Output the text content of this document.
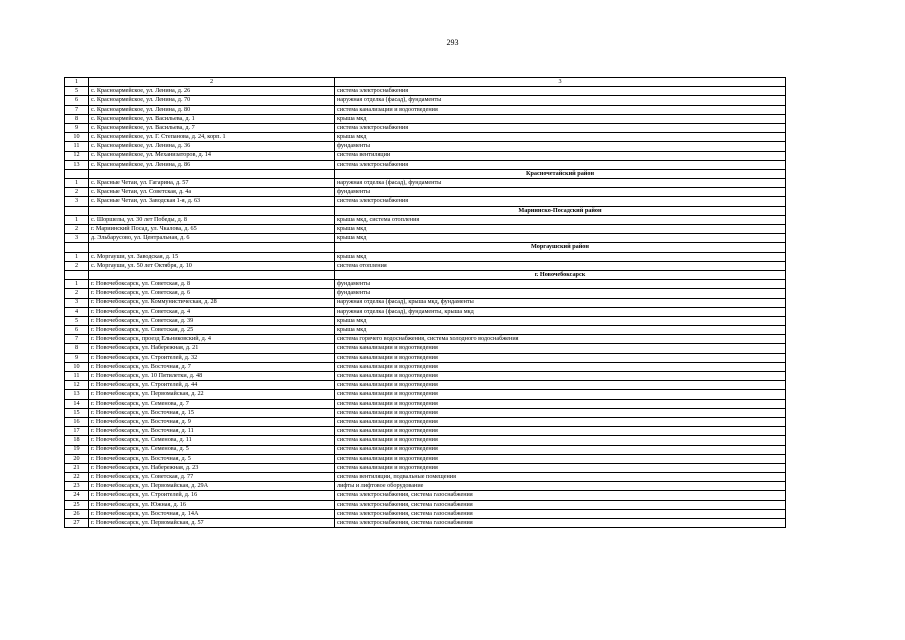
293
1	2	3
5	с. Красноармейское, ул. Ленина, д. 26	система электроснабжения
6	с. Красноармейское, ул. Ленина, д. 70	наружная отделка (фасад), фундаменты
7	с. Красноармейское, ул. Ленина, д. 80	система канализации и водоотведения
8	с. Красноармейское, ул. Васильева, д. 1	крыша мкд
9	с. Красноармейское, ул. Васильева, д. 7	система электроснабжения
10	с. Красноармейское, ул. Г. Степанова, д. 24, корп. 1	крыша мкд
11	с. Красноармейское, ул. Ленина, д. 36	фундаменты
12	с. Красноармейское, ул. Механизаторов, д. 14	система вентиляции
13	с. Красноармейское, ул. Ленина, д. 86	система электроснабжения
		Красночетайский район
1	с. Красные Четаи, ул. Гагарина, д. 57	наружная отделка (фасад), фундаменты
2	с. Красные Четаи, ул. Советская, д. 4а	фундаменты
3	с. Красные Четаи, ул. Заводская 1-я, д. 63	система электроснабжения
		Мариинско-Посадский район
1	с. Шоршелы, ул. 30 лет Победы, д. 8	крыша мкд, система отопления
2	г. Мариинский Посад, ул. Чкалова, д. 65	крыша мкд
3	д. Эльбарусово, ул. Центральная, д. 6	крыша мкд
		Моргаушский район
1	с. Моргауши, ул. Заводская, д. 15	крыша мкд
2	с. Моргауши, ул. 50 лет Октября, д. 10	система отопления
		г. Новочебоксарск
1	г. Новочебоксарск, ул. Советская, д. 8	фундаменты
2	г. Новочебоксарск, ул. Советская, д. 6	фундаменты
3	г. Новочебоксарск, ул. Коммунистическая, д. 28	наружная отделка (фасад), крыша мкд, фундаменты
4	г. Новочебоксарск, ул. Советская, д. 4	наружная отделка (фасад), фундаменты, крыша мкд
5	г. Новочебоксарск, ул. Советская, д. 39	крыша мкд
6	г. Новочебоксарск, ул. Советская, д. 25	крыша мкд
7	г. Новочебоксарск, проезд Ельниковский, д. 4	система горячего водоснабжения, система холодного водоснабжения
8	г. Новочебоксарск, ул. Набережная, д. 21	система канализации и водоотведения
9	г. Новочебоксарск, ул. Строителей, д. 32	система канализации и водоотведения
10	г. Новочебоксарск, ул. Восточная, д. 7	система канализации и водоотведения
11	г. Новочебоксарск, ул. 10 Пятилетки, д. 48	система канализации и водоотведения
12	г. Новочебоксарск, ул. Строителей, д. 44	система канализации и водоотведения
13	г. Новочебоксарск, ул. Первомайская, д. 22	система канализации и водоотведения
14	г. Новочебоксарск, ул. Семенова, д. 7	система канализации и водоотведения
15	г. Новочебоксарск, ул. Восточная, д. 15	система канализации и водоотведения
16	г. Новочебоксарск, ул. Восточная, д. 9	система канализации и водоотведения
17	г. Новочебоксарск, ул. Восточная, д. 11	система канализации и водоотведения
18	г. Новочебоксарск, ул. Семенова, д. 11	система канализации и водоотведения
19	г. Новочебоксарск, ул. Семенова, д. 5	система канализации и водоотведения
20	г. Новочебоксарск, ул. Восточная, д. 5	система канализации и водоотведения
21	г. Новочебоксарск, ул. Набережная, д. 23	система канализации и водоотведения
22	г. Новочебоксарск, ул. Советская, д. 77	система вентиляции, подвальные помещения
23	г. Новочебоксарск, ул. Первомайская, д. 29А	лифты и лифтовое оборудование
24	г. Новочебоксарск, ул. Строителей, д. 16	система электроснабжения, система газоснабжения
25	г. Новочебоксарск, ул. Южная, д. 16	система электроснабжения, система газоснабжения
26	г. Новочебоксарск, ул. Восточная, д. 14А	система электроснабжения, система газоснабжения
27	г. Новочебоксарск, ул. Первомайская, д. 57	система электроснабжения, система газоснабжения
